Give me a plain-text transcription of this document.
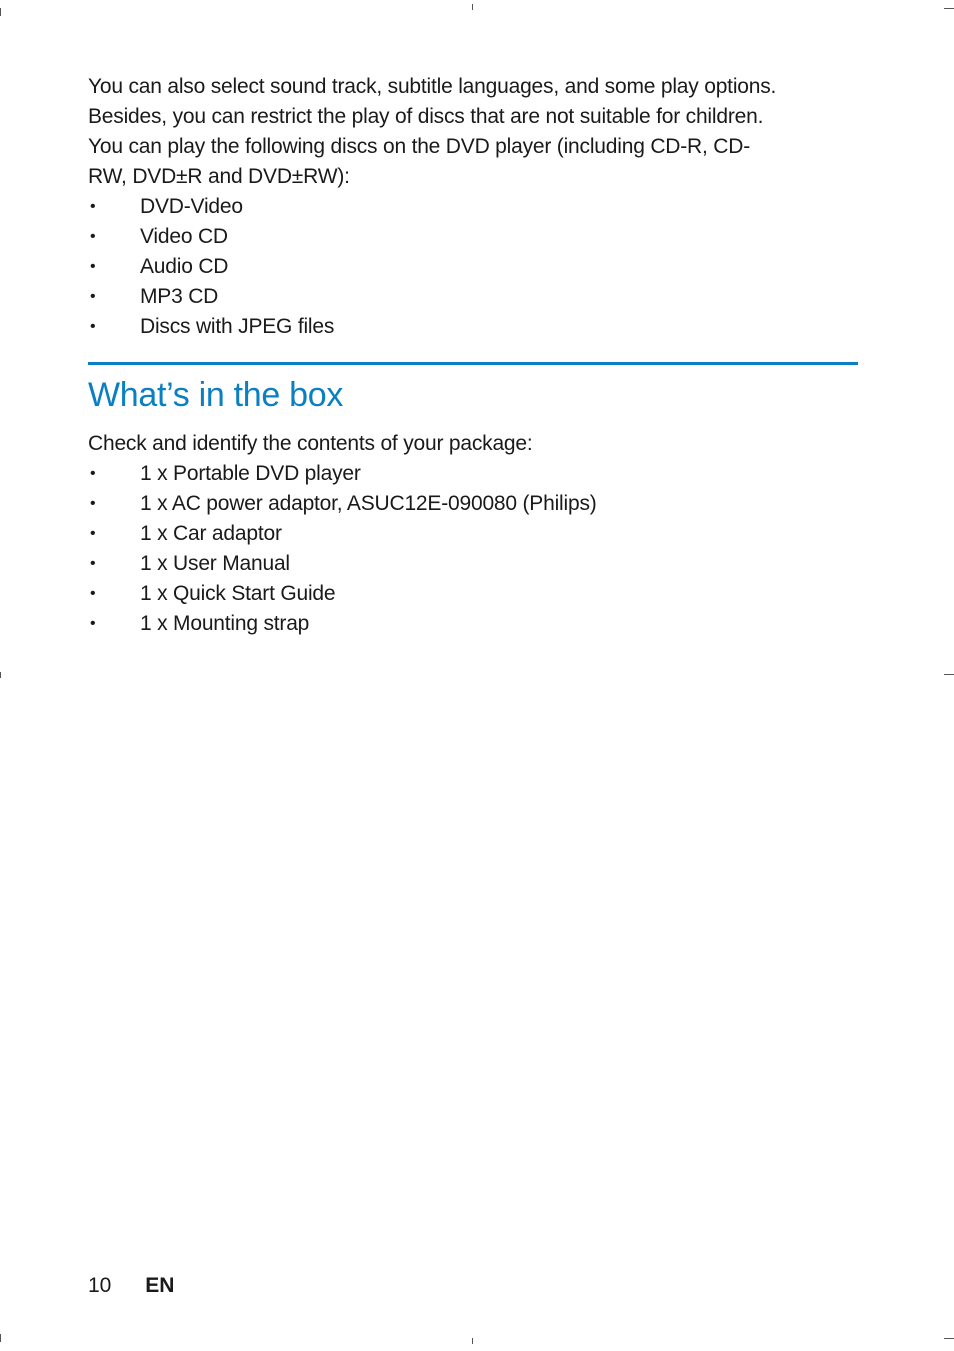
You can also select sound track, subtitle languages, and some play options.
Besides, you can restrict the play of discs that are not suitable for children.
You can play the following discs on the DVD player (including CD-R, CD-
RW, DVD±R and DVD±RW):

• DVD-Video
• Video CD
• Audio CD
• MP3 CD
• Discs with JPEG files
What’s in the box

Check and identify the contents of your package:

• 1 x Portable DVD player
• 1 x AC power adaptor, ASUC12E-090080 (Philips)
• 1 x Car adaptor
• 1 x User Manual
• 1 x Quick Start Guide
• 1 x Mounting strap
10 EN
